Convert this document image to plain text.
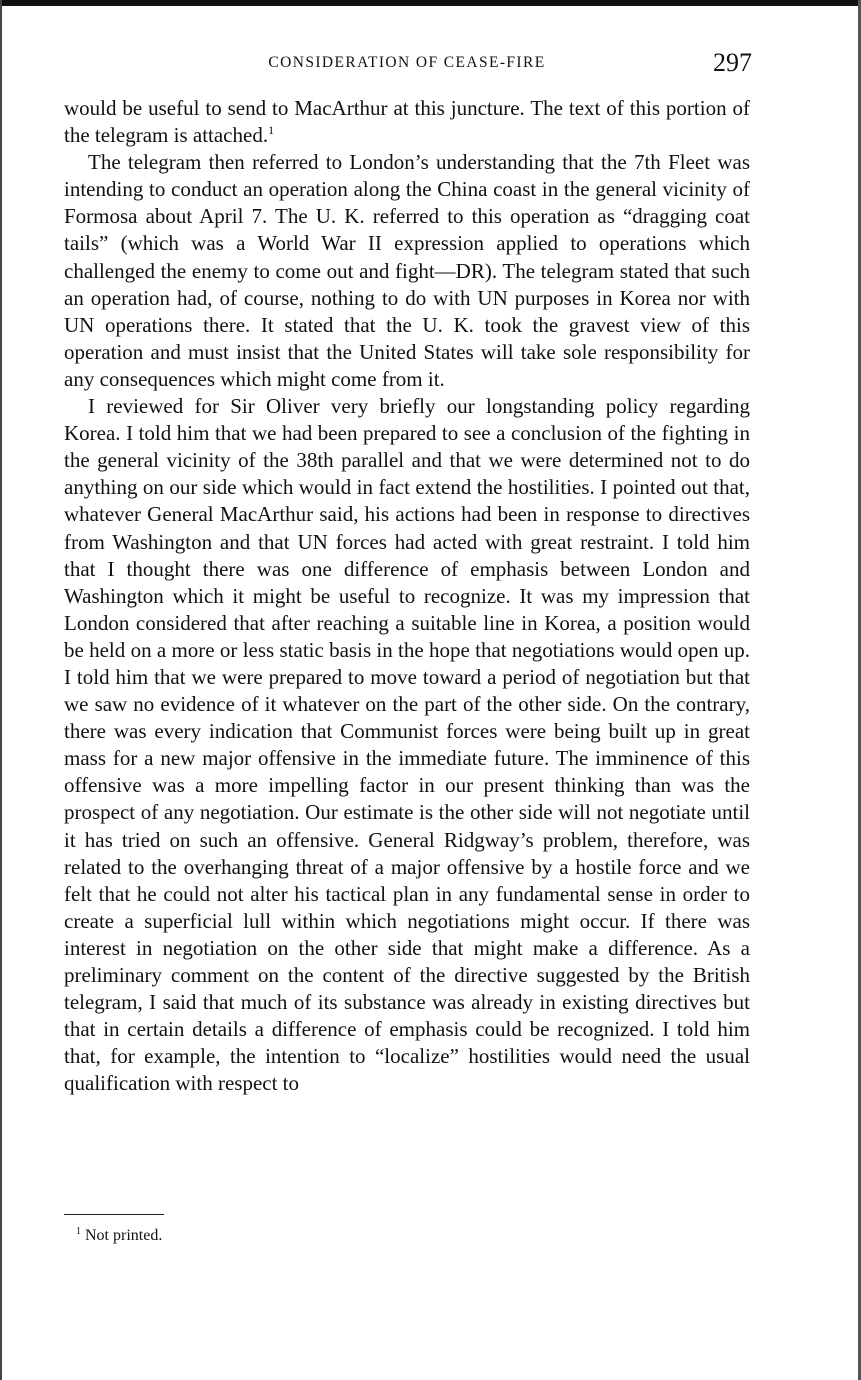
CONSIDERATION OF CEASE-FIRE	297

would be useful to send to MacArthur at this juncture. The text of this portion of the telegram is attached.$^1$

The telegram then referred to London’s understanding that the 7th Fleet was intending to conduct an operation along the China coast in the general vicinity of Formosa about April 7. The U. K. referred to this operation as “dragging coat tails” (which was a World War II expression applied to operations which challenged the enemy to come out and fight—DR). The telegram stated that such an operation had, of course, nothing to do with UN purposes in Korea nor with UN operations there. It stated that the U. K. took the gravest view of this operation and must insist that the United States will take sole responsibility for any consequences which might come from it.

I reviewed for Sir Oliver very briefly our longstanding policy regarding Korea. I told him that we had been prepared to see a conclusion of the fighting in the general vicinity of the 38th parallel and that we were determined not to do anything on our side which would in fact extend the hostilities. I pointed out that, whatever General MacArthur said, his actions had been in response to directives from Washington and that UN forces had acted with great restraint. I told him that I thought there was one difference of emphasis between London and Washington which it might be useful to recognize. It was my impression that London considered that after reaching a suitable line in Korea, a position would be held on a more or less static basis in the hope that negotiations would open up. I told him that we were prepared to move toward a period of negotiation but that we saw no evidence of it whatever on the part of the other side. On the contrary, there was every indication that Communist forces were being built up in great mass for a new major offensive in the immediate future. The imminence of this offensive was a more impelling factor in our present thinking than was the prospect of any negotiation. Our estimate is the other side will not negotiate until it has tried on such an offensive. General Ridgway’s problem, therefore, was related to the overhanging threat of a major offensive by a hostile force and we felt that he could not alter his tactical plan in any fundamental sense in order to create a superficial lull within which negotiations might occur. If there was interest in negotiation on the other side that might make a difference. As a preliminary comment on the content of the directive suggested by the British telegram, I said that much of its substance was already in existing directives but that in certain details a difference of emphasis could be recognized. I told him that, for example, the intention to “localize” hostilities would need the usual qualification with respect to

$^1$ Not printed.
